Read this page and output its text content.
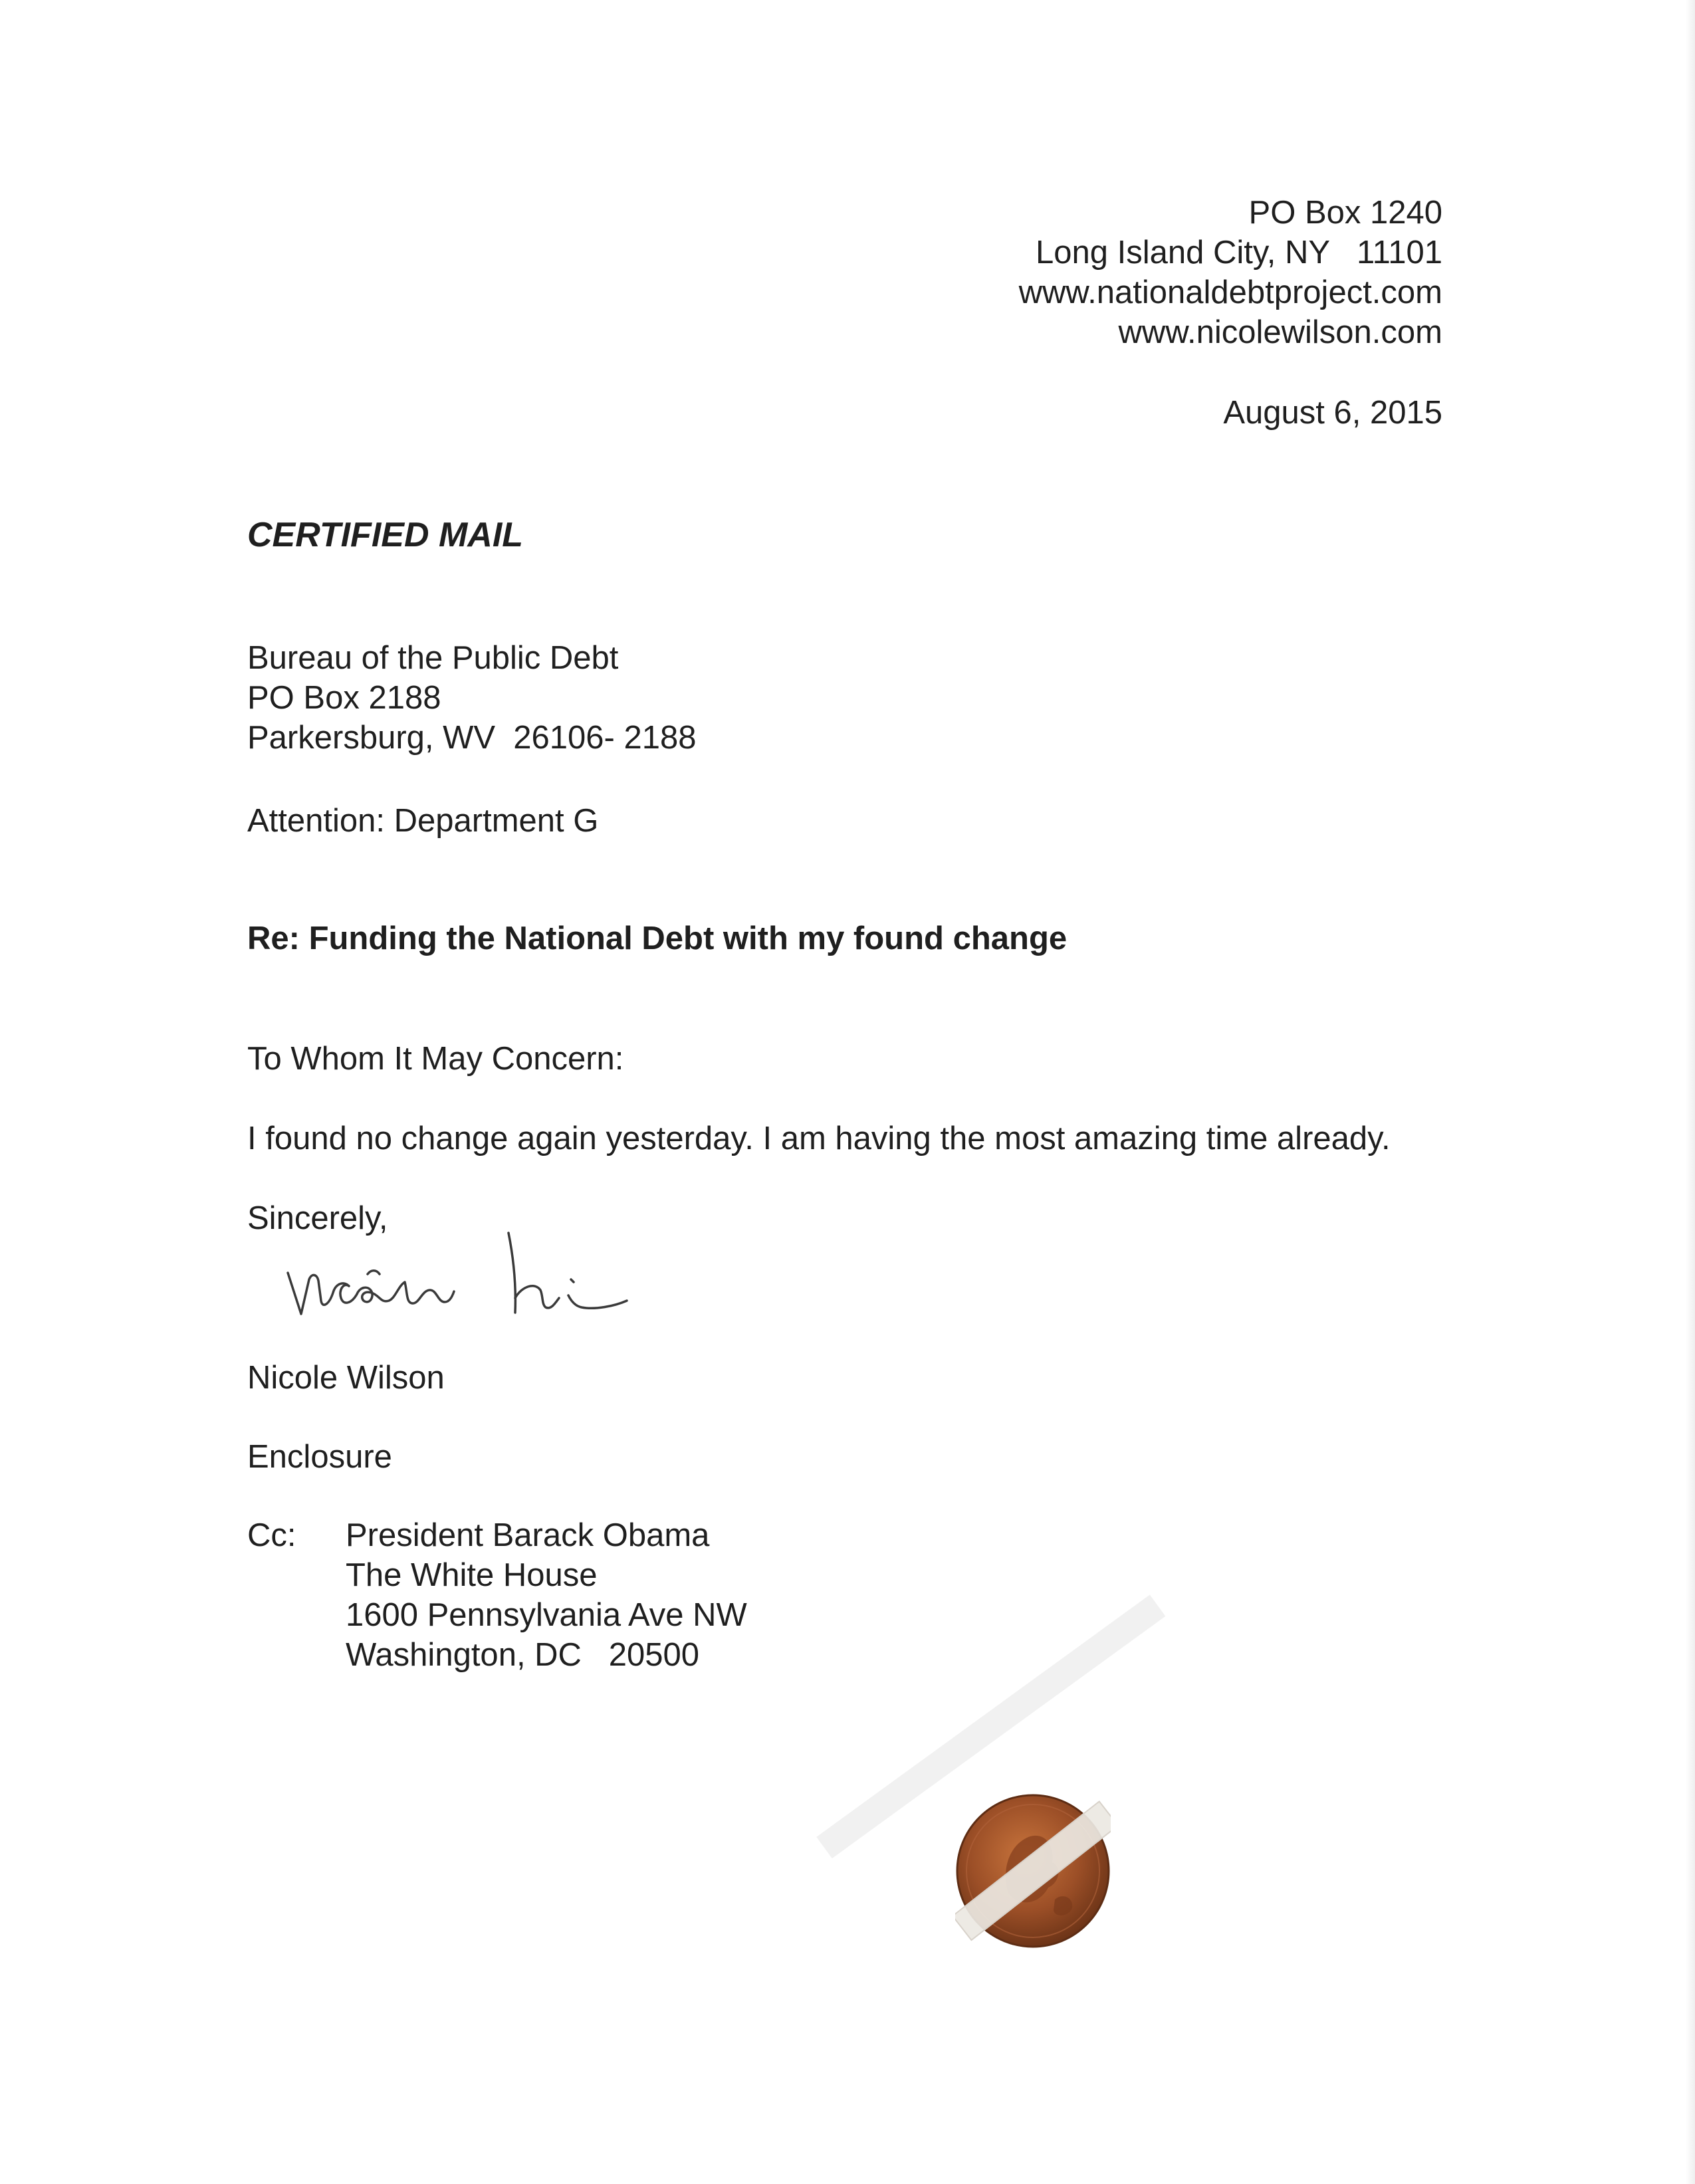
PO Box 1240
Long Island City, NY   11101
www.nationaldebtproject.com
www.nicolewilson.com

August 6, 2015

CERTIFIED MAIL

Bureau of the Public Debt
PO Box 2188
Parkersburg, WV  26106- 2188

Attention: Department G

Re: Funding the National Debt with my found change

To Whom It May Concern:

I found no change again yesterday. I am having the most amazing time already.

Sincerely,

Nicole Wilson

Enclosure

Cc: President Barack Obama
The White House
1600 Pennsylvania Ave NW
Washington, DC   20500
